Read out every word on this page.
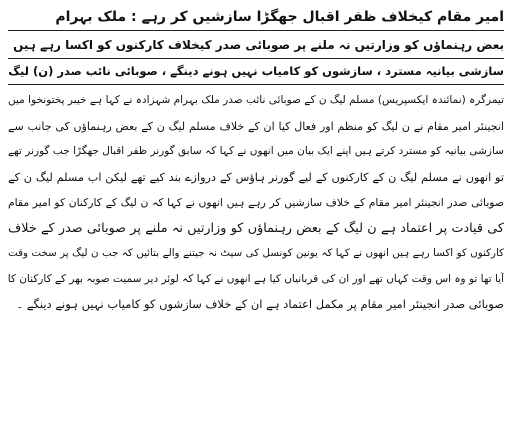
امیر مقام کیخلاف ظفر اقبال جھگڑا سازشیں کر رہے : ملک بہرام
بعض رہنماؤں کو وزارتیں نہ ملنے پر صوبائی صدر کیخلاف کارکنوں کو اکسا رہے ہیں
سازشی بیانیہ مسترد ، سازشوں کو کامیاب نہیں ہونے دینگے ، صوبائی نائب صدر (ن) لیگ
تیمرگرہ (نمائندہ ایکسپریس) مسلم لیگ ن کے صوبائی نائب صدر ملک بہرام شہزادہ نے کہا ہے خیبر پختونخوا میں
انجینئر امیر مقام نے ن لیگ کو منظم اور فعال کیا ان کے خلاف مسلم لیگ ن کے بعض رہنماؤں کی جانب سے
سازشی بیانیہ کو مسترد کرتے ہیں اپنے ایک بیان میں انھوں نے کہا کہ سابق گورنر ظفر اقبال جھگڑا جب گورنر تھے
تو انھوں نے مسلم لیگ ن کے کارکنوں کے لیے گورنر ہاؤس کے دروازے بند کیے تھے لیکن اب مسلم لیگ ن کے
صوبائی صدر انجینئر امیر مقام کے خلاف سازشیں کر رہے ہیں انھوں نے کہا کہ ن لیگ کے کارکنان کو امیر مقام
کی قیادت پر اعتماد ہے ن لیگ کے بعض رہنماؤں کو وزارتیں نہ ملنے پر صوبائی صدر کے خلاف
کارکنوں کو اکسا رہے ہیں انھوں نے کہا کہ یونین کونسل کی سیٹ نہ جیتنے والے بتائیں کہ جب ن لیگ پر سخت وقت
آیا تھا تو وہ اس وقت کہاں تھے اور ان کی قربانیاں کیا ہے انھوں نے کہا کہ لوئر دیر سمیت صوبہ بھر کے کارکنان کا
صوبائی صدر انجینئر امیر مقام پر مکمل اعتماد ہے ان کے خلاف سازشوں کو کامیاب نہیں ہونے دینگے ۔
